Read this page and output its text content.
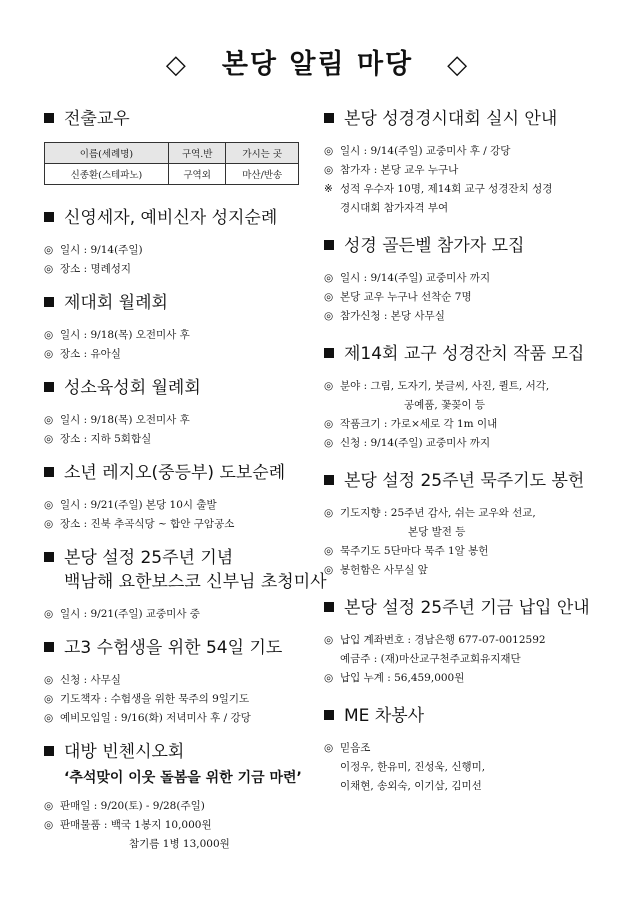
◇ 본당 알림 마당 ◇
전출교우
이름(세례명)	구역.반	가시는 곳
신종환(스테파노)	구역외	마산/반송
신영세자, 예비신자 성지순례
◎ 일시 : 9/14(주일)
◎ 장소 : 명례성지
제대회 월례회
◎ 일시 : 9/18(목) 오전미사 후
◎ 장소 : 유아실
성소육성회 월례회
◎ 일시 : 9/18(목) 오전미사 후
◎ 장소 : 지하 5회합실
소년 레지오(중등부) 도보순례
◎ 일시 : 9/21(주일) 본당 10시 출발
◎ 장소 : 진북 추곡식당 ~ 합안 구암공소
본당 설정 25주년 기념
백남해 요한보스코 신부님 초청미사
◎ 일시 : 9/21(주일) 교중미사 중
고3 수험생을 위한 54일 기도
◎ 신청 : 사무실
◎ 기도책자 : 수험생을 위한 묵주의 9일기도
◎ 예비모임일 : 9/16(화) 저녁미사 후 / 강당
대방 빈첸시오회
‘추석맞이 이웃 돌봄을 위한 기금 마련’
◎ 판매일 : 9/20(토) - 9/28(주일)
◎ 판매물품 : 백국 1봉지 10,000원
참기름 1병 13,000원
본당 성경경시대회 실시 안내
◎ 일시 : 9/14(주일) 교중미사 후 / 강당
◎ 참가자 : 본당 교우 누구나
※ 성적 우수자 10명, 제14회 교구 성경잔치 성경
경시대회 참가자격 부여
성경 골든벨 참가자 모집
◎ 일시 : 9/14(주일) 교중미사 까지
◎ 본당 교우 누구나 선착순 7명
◎ 참가신청 : 본당 사무실
제14회 교구 성경잔치 작품 모집
◎ 분야 : 그림, 도자기, 붓글씨, 사진, 퀼트, 서각,
공예품, 꽃꽂이 등
◎ 작품크기 : 가로×세로 각 1m 이내
◎ 신청 : 9/14(주일) 교중미사 까지
본당 설정 25주년 묵주기도 봉헌
◎ 기도지향 : 25주년 감사, 쉬는 교우와 선교,
본당 발전 등
◎ 묵주기도 5단마다 묵주 1알 봉헌
◎ 봉헌함은 사무실 앞
본당 설정 25주년 기금 납입 안내
◎ 납입 계좌번호 : 경남은행 677-07-0012592
예금주 : (재)마산교구천주교회유지재단
◎ 납입 누계 : 56,459,000원
ME 차봉사
◎ 믿음조
이정우, 한유미, 진성욱, 신행미,
이채현, 송외숙, 이기삼, 김미선
